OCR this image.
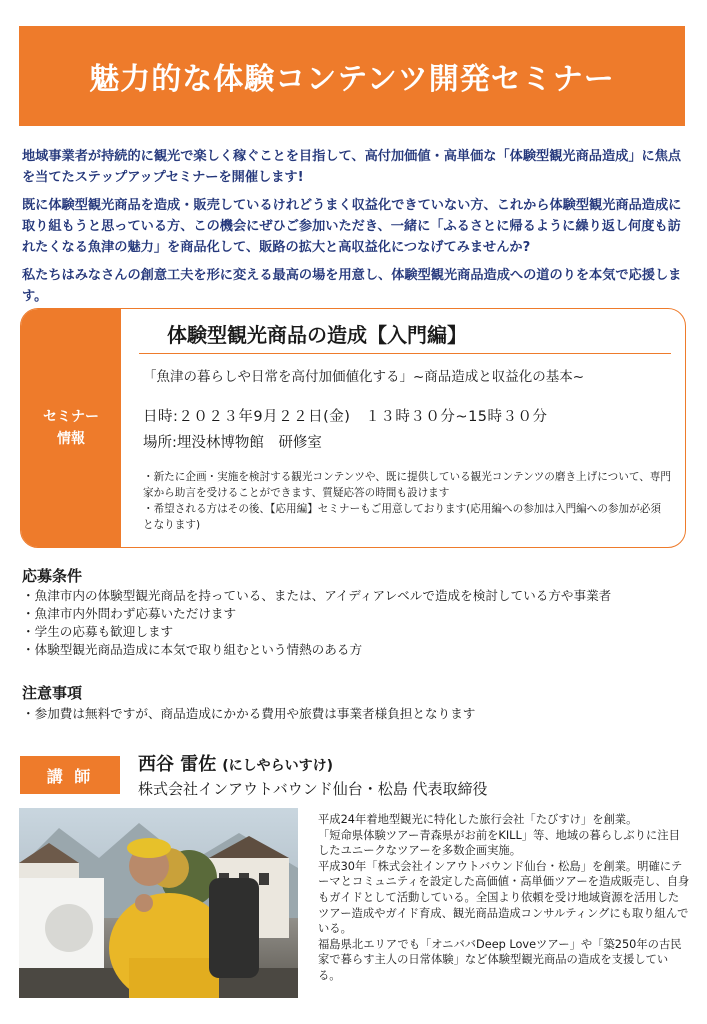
魅力的な体験コンテンツ開発セミナー

地域事業者が持続的に観光で楽しく稼ぐことを目指して、高付加価値・高単価な「体験型観光商品造成」に焦点を当てたステップアップセミナーを開催します!

既に体験型観光商品を造成・販売しているけれどうまく収益化できていない方、これから体験型観光商品造成に取り組もうと思っている方、この機会にぜひご参加いただき、一緒に「ふるさとに帰るように繰り返し何度も訪れたくなる魚津の魅力」を商品化して、販路の拡大と高収益化につなげてみませんか?

私たちはみなさんの創意工夫を形に変える最高の場を用意し、体験型観光商品造成への道のりを本気で応援します。

セミナー
情報
体験型観光商品の造成【入門編】
「魚津の暮らしや日常を高付加価値化する」~商品造成と収益化の基本~
日時:２０２３年9月２２日(金)　１３時３０分~15時３０分
場所:埋没林博物館　研修室

・新たに企画・実施を検討する観光コンテンツや、既に提供している観光コンテンツの磨き上げについて、専門家から助言を受けることができます、質疑応答の時間も設けます

・希望される方はその後、【応用編】セミナーもご用意しております(応用編への参加は入門編への参加が必須となります)

応募条件
・ 魚津市内の体験型観光商品を持っている、または、アイディアレベルで造成を検討している方や事業者
・ 魚津市内外問わず応募いただけます
・ 学生の応募も歓迎します
・ 体験型観光商品造成に本気で取り組むという情熱のある方
注意事項
・ 参加費は無料ですが、商品造成にかかる費用や旅費は事業者様負担となります
講 師
西谷 雷佐 (にしやらいすけ)
株式会社インアウトバウンド仙台・松島 代表取締役

平成24年着地型観光に特化した旅行会社「たびすけ」を創業。

「短命県体験ツアー青森県がお前をKILL」等、地域の暮らしぶりに注目したユニークなツアーを多数企画実施。

平成30年「株式会社インアウトバウンド仙台・松島」を創業。明確にテーマとコミュニティを設定した高価値・高単価ツアーを造成販売し、自身もガイドとして活動している。全国より依頼を受け地域資源を活用したツアー造成やガイド育成、観光商品造成コンサルティングにも取り組んでいる。

福島県北エリアでも「オニババDeep Loveツアー」や「築250年の古民家で暮らす主人の日常体験」など体験型観光商品の造成を支援している。
